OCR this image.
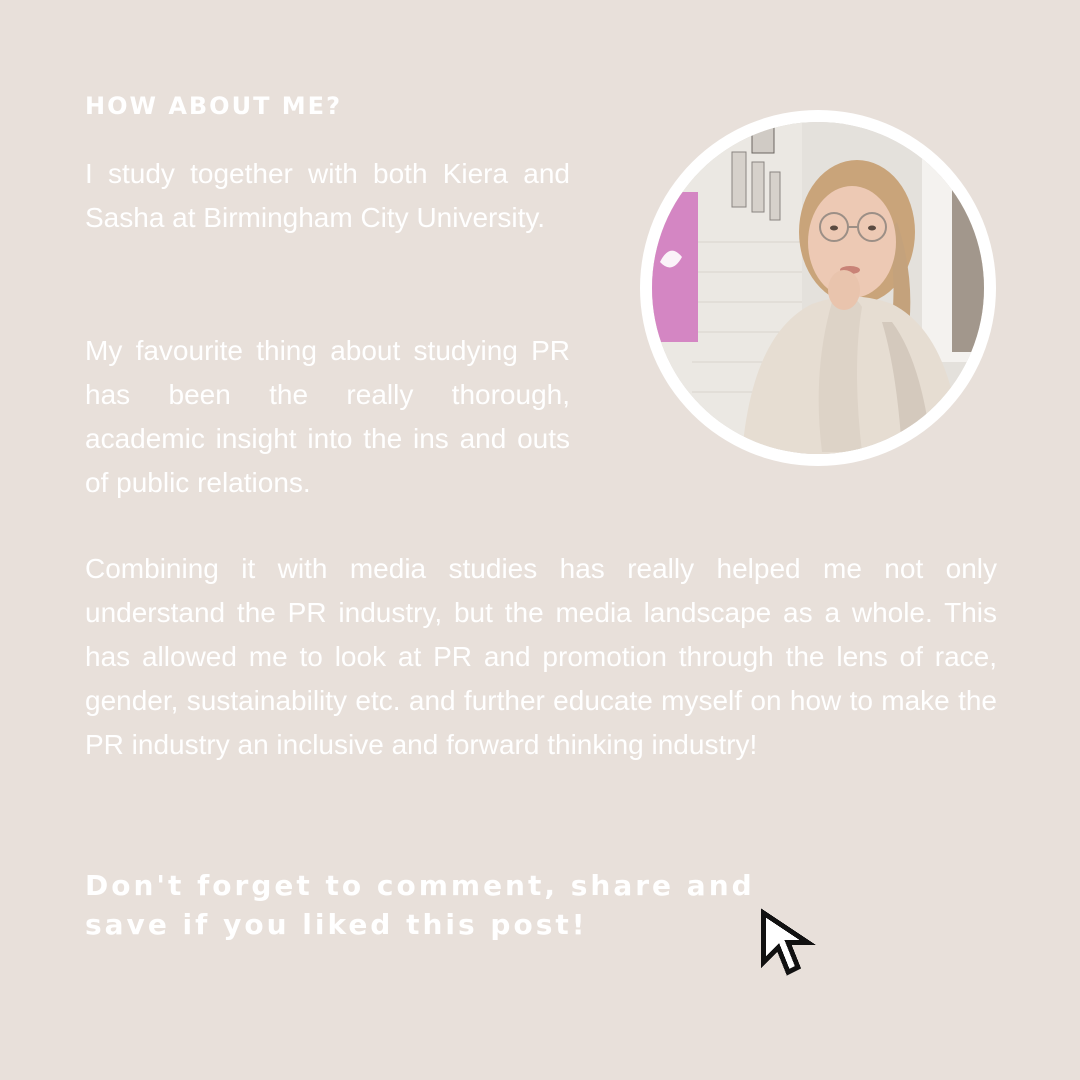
HOW ABOUT ME?

I study together with both Kiera and Sasha at Birmingham City University.

My favourite thing about studying PR has been the really thorough, academic insight into the ins and outs of public relations.

Combining it with media studies has really helped me not only understand the PR industry, but the media landscape as a whole. This has allowed me to look at PR and promotion through the lens of race, gender, sustainability etc. and further educate myself on how to make the PR industry an inclusive and forward thinking industry!

Don't forget to comment, share and save if you liked this post!
